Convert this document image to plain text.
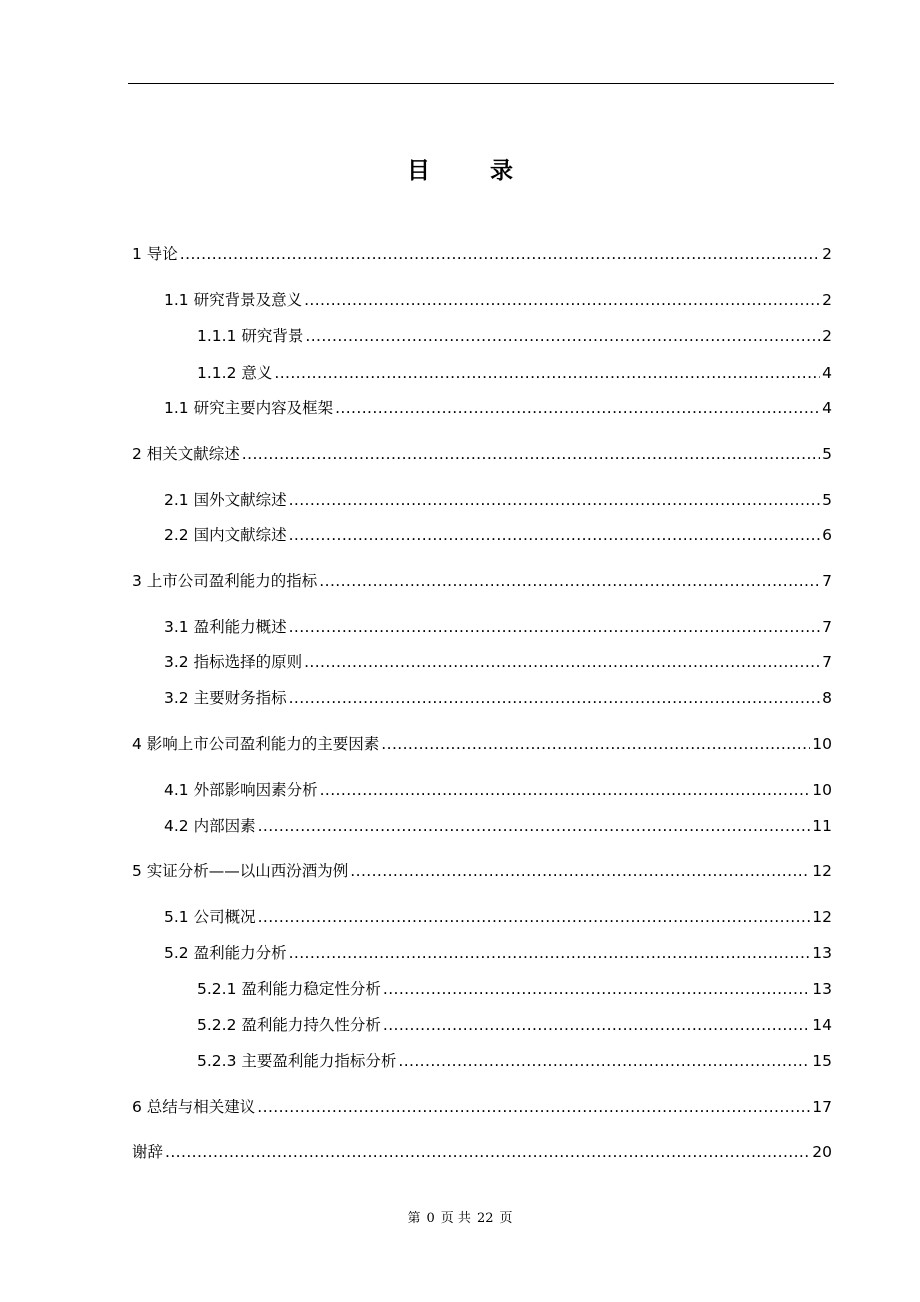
目 录
1 导论 .....	2
1.1 研究背景及意义 .....	2
1.1.1 研究背景 .....	2
1.1.2 意义 .....	4
1.1 研究主要内容及框架 .....	4
2 相关文献综述 .....	5
2.1 国外文献综述 .....	5
2.2 国内文献综述 .....	6
3 上市公司盈利能力的指标 .....	7
3.1 盈利能力概述 .....	7
3.2 指标选择的原则 .....	7
3.2 主要财务指标 .....	8
4 影响上市公司盈利能力的主要因素 .....	10
4.1 外部影响因素分析 .....	10
4.2 内部因素 .....	11
5 实证分析——以山西汾酒为例 .....	12
5.1 公司概况 .....	12
5.2 盈利能力分析 .....	13
5.2.1 盈利能力稳定性分析 .....	13
5.2.2 盈利能力持久性分析 .....	14
5.2.3 主要盈利能力指标分析 .....	15
6 总结与相关建议 .....	17
谢辞 .....	20
第 0 页 共 22 页
